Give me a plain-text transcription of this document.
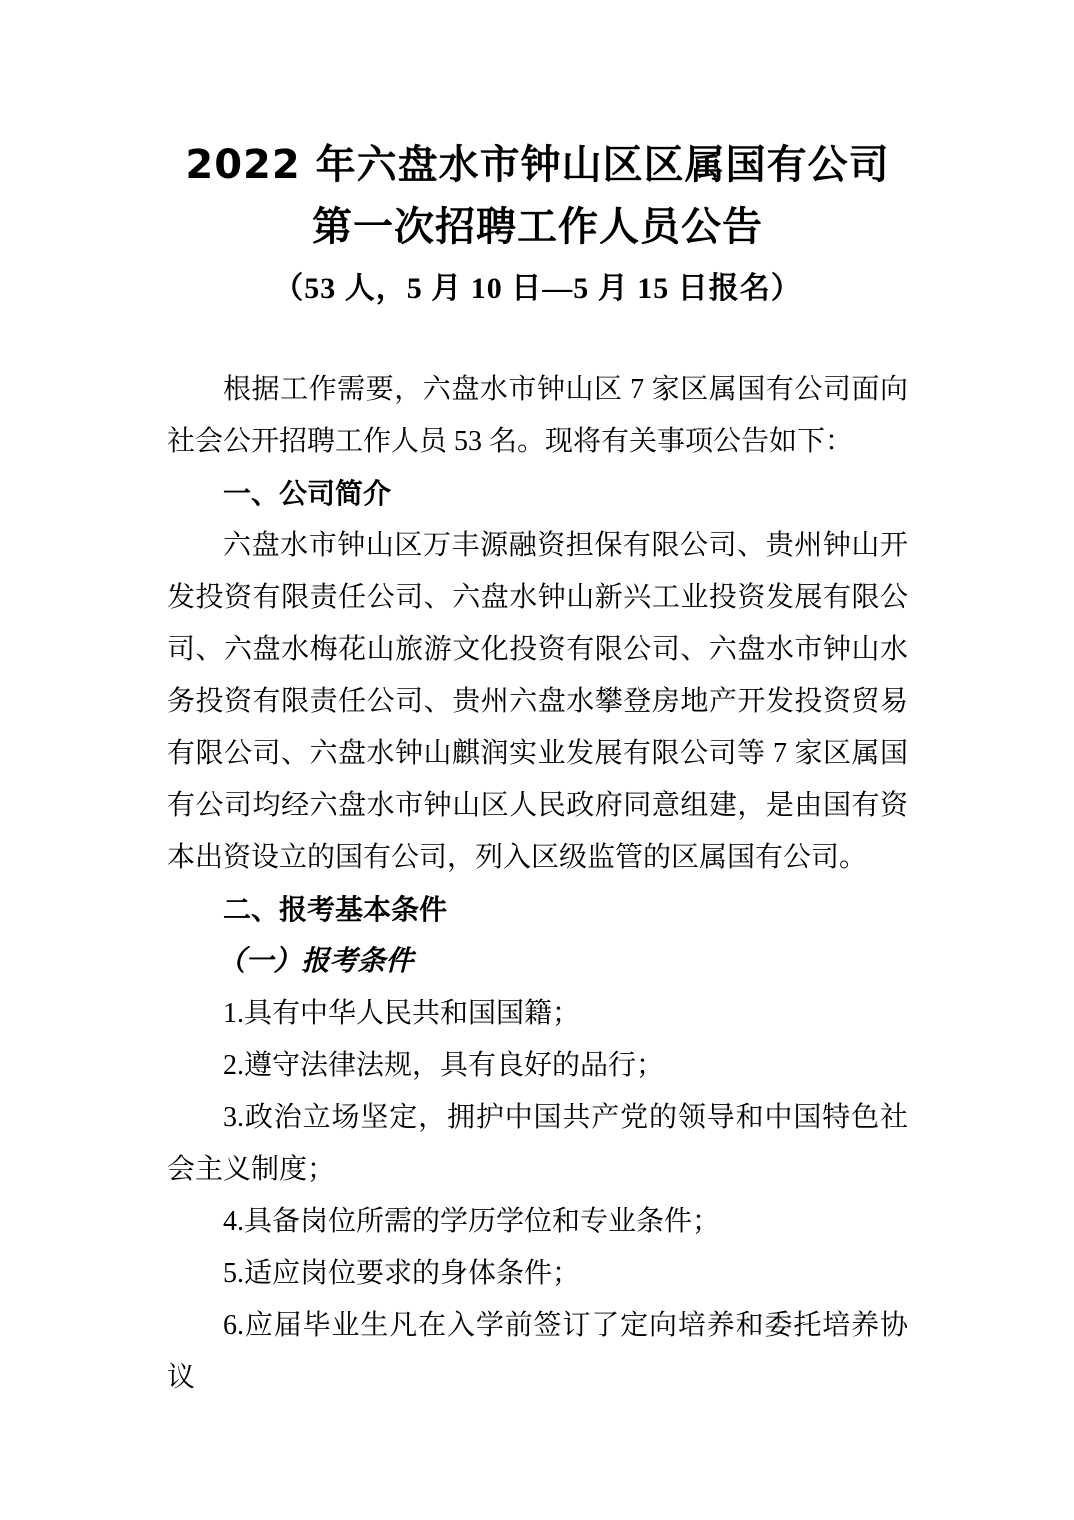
2022 年六盘水市钟山区区属国有公司
第一次招聘工作人员公告
（53 人，5 月 10 日—5 月 15 日报名）
根据工作需要，六盘水市钟山区 7 家区属国有公司面向社会公开招聘工作人员 53 名。现将有关事项公告如下：
一、公司简介
六盘水市钟山区万丰源融资担保有限公司、贵州钟山开发投资有限责任公司、六盘水钟山新兴工业投资发展有限公司、六盘水梅花山旅游文化投资有限公司、六盘水市钟山水务投资有限责任公司、贵州六盘水攀登房地产开发投资贸易有限公司、六盘水钟山麒润实业发展有限公司等 7 家区属国有公司均经六盘水市钟山区人民政府同意组建，是由国有资本出资设立的国有公司，列入区级监管的区属国有公司。
二、报考基本条件
（一）报考条件
1.具有中华人民共和国国籍；
2.遵守法律法规，具有良好的品行；
3.政治立场坚定，拥护中国共产党的领导和中国特色社会主义制度；
4.具备岗位所需的学历学位和专业条件；
5.适应岗位要求的身体条件；
6.应届毕业生凡在入学前签订了定向培养和委托培养协议
